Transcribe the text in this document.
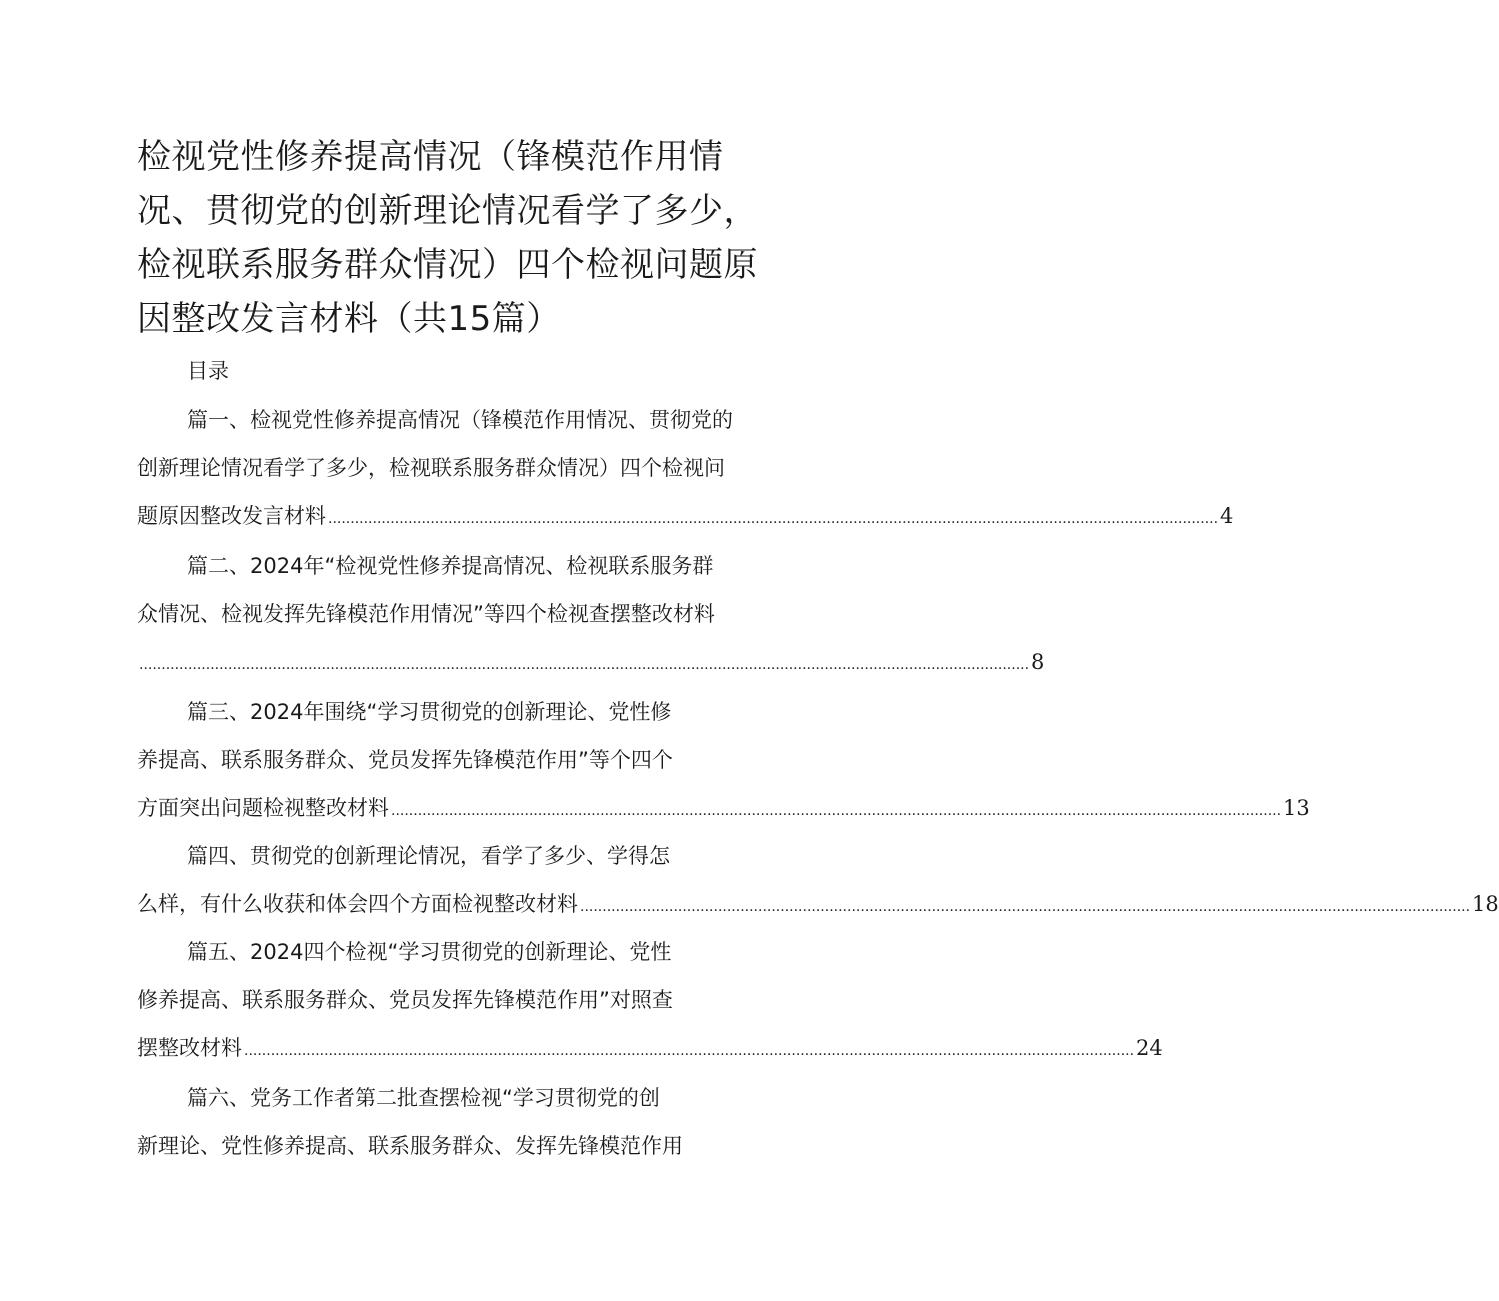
检视党性修养提高情况（锋模范作用情况、贯彻党的创新理论情况看学了多少，检视联系服务群众情况）四个检视问题原因整改发言材料（共15篇）
目录
篇一、检视党性修养提高情况（锋模范作用情况、贯彻党的
创新理论情况看学了多少，检视联系服务群众情况）四个检视问
题原因整改发言材料 ........................................................................................................................................................................................................ 4
篇二、2024年“检视党性修养提高情况、检视联系服务群
众情况、检视发挥先锋模范作用情况”等四个检视查摆整改材料
........................................................................................................................................................................................................ 8
篇三、2024年围绕“学习贯彻党的创新理论、党性修
养提高、联系服务群众、党员发挥先锋模范作用”等个四个
方面突出问题检视整改材料 ........................................................................................................................................................................................................ 13
篇四、贯彻党的创新理论情况，看学了多少、学得怎
么样，有什么收获和体会四个方面检视整改材料 ........................................................................................................................................................................................................ 18
篇五、2024四个检视“学习贯彻党的创新理论、党性
修养提高、联系服务群众、党员发挥先锋模范作用”对照查
摆整改材料 ........................................................................................................................................................................................................ 24
篇六、党务工作者第二批查摆检视“学习贯彻党的创
新理论、党性修养提高、联系服务群众、发挥先锋模范作用
